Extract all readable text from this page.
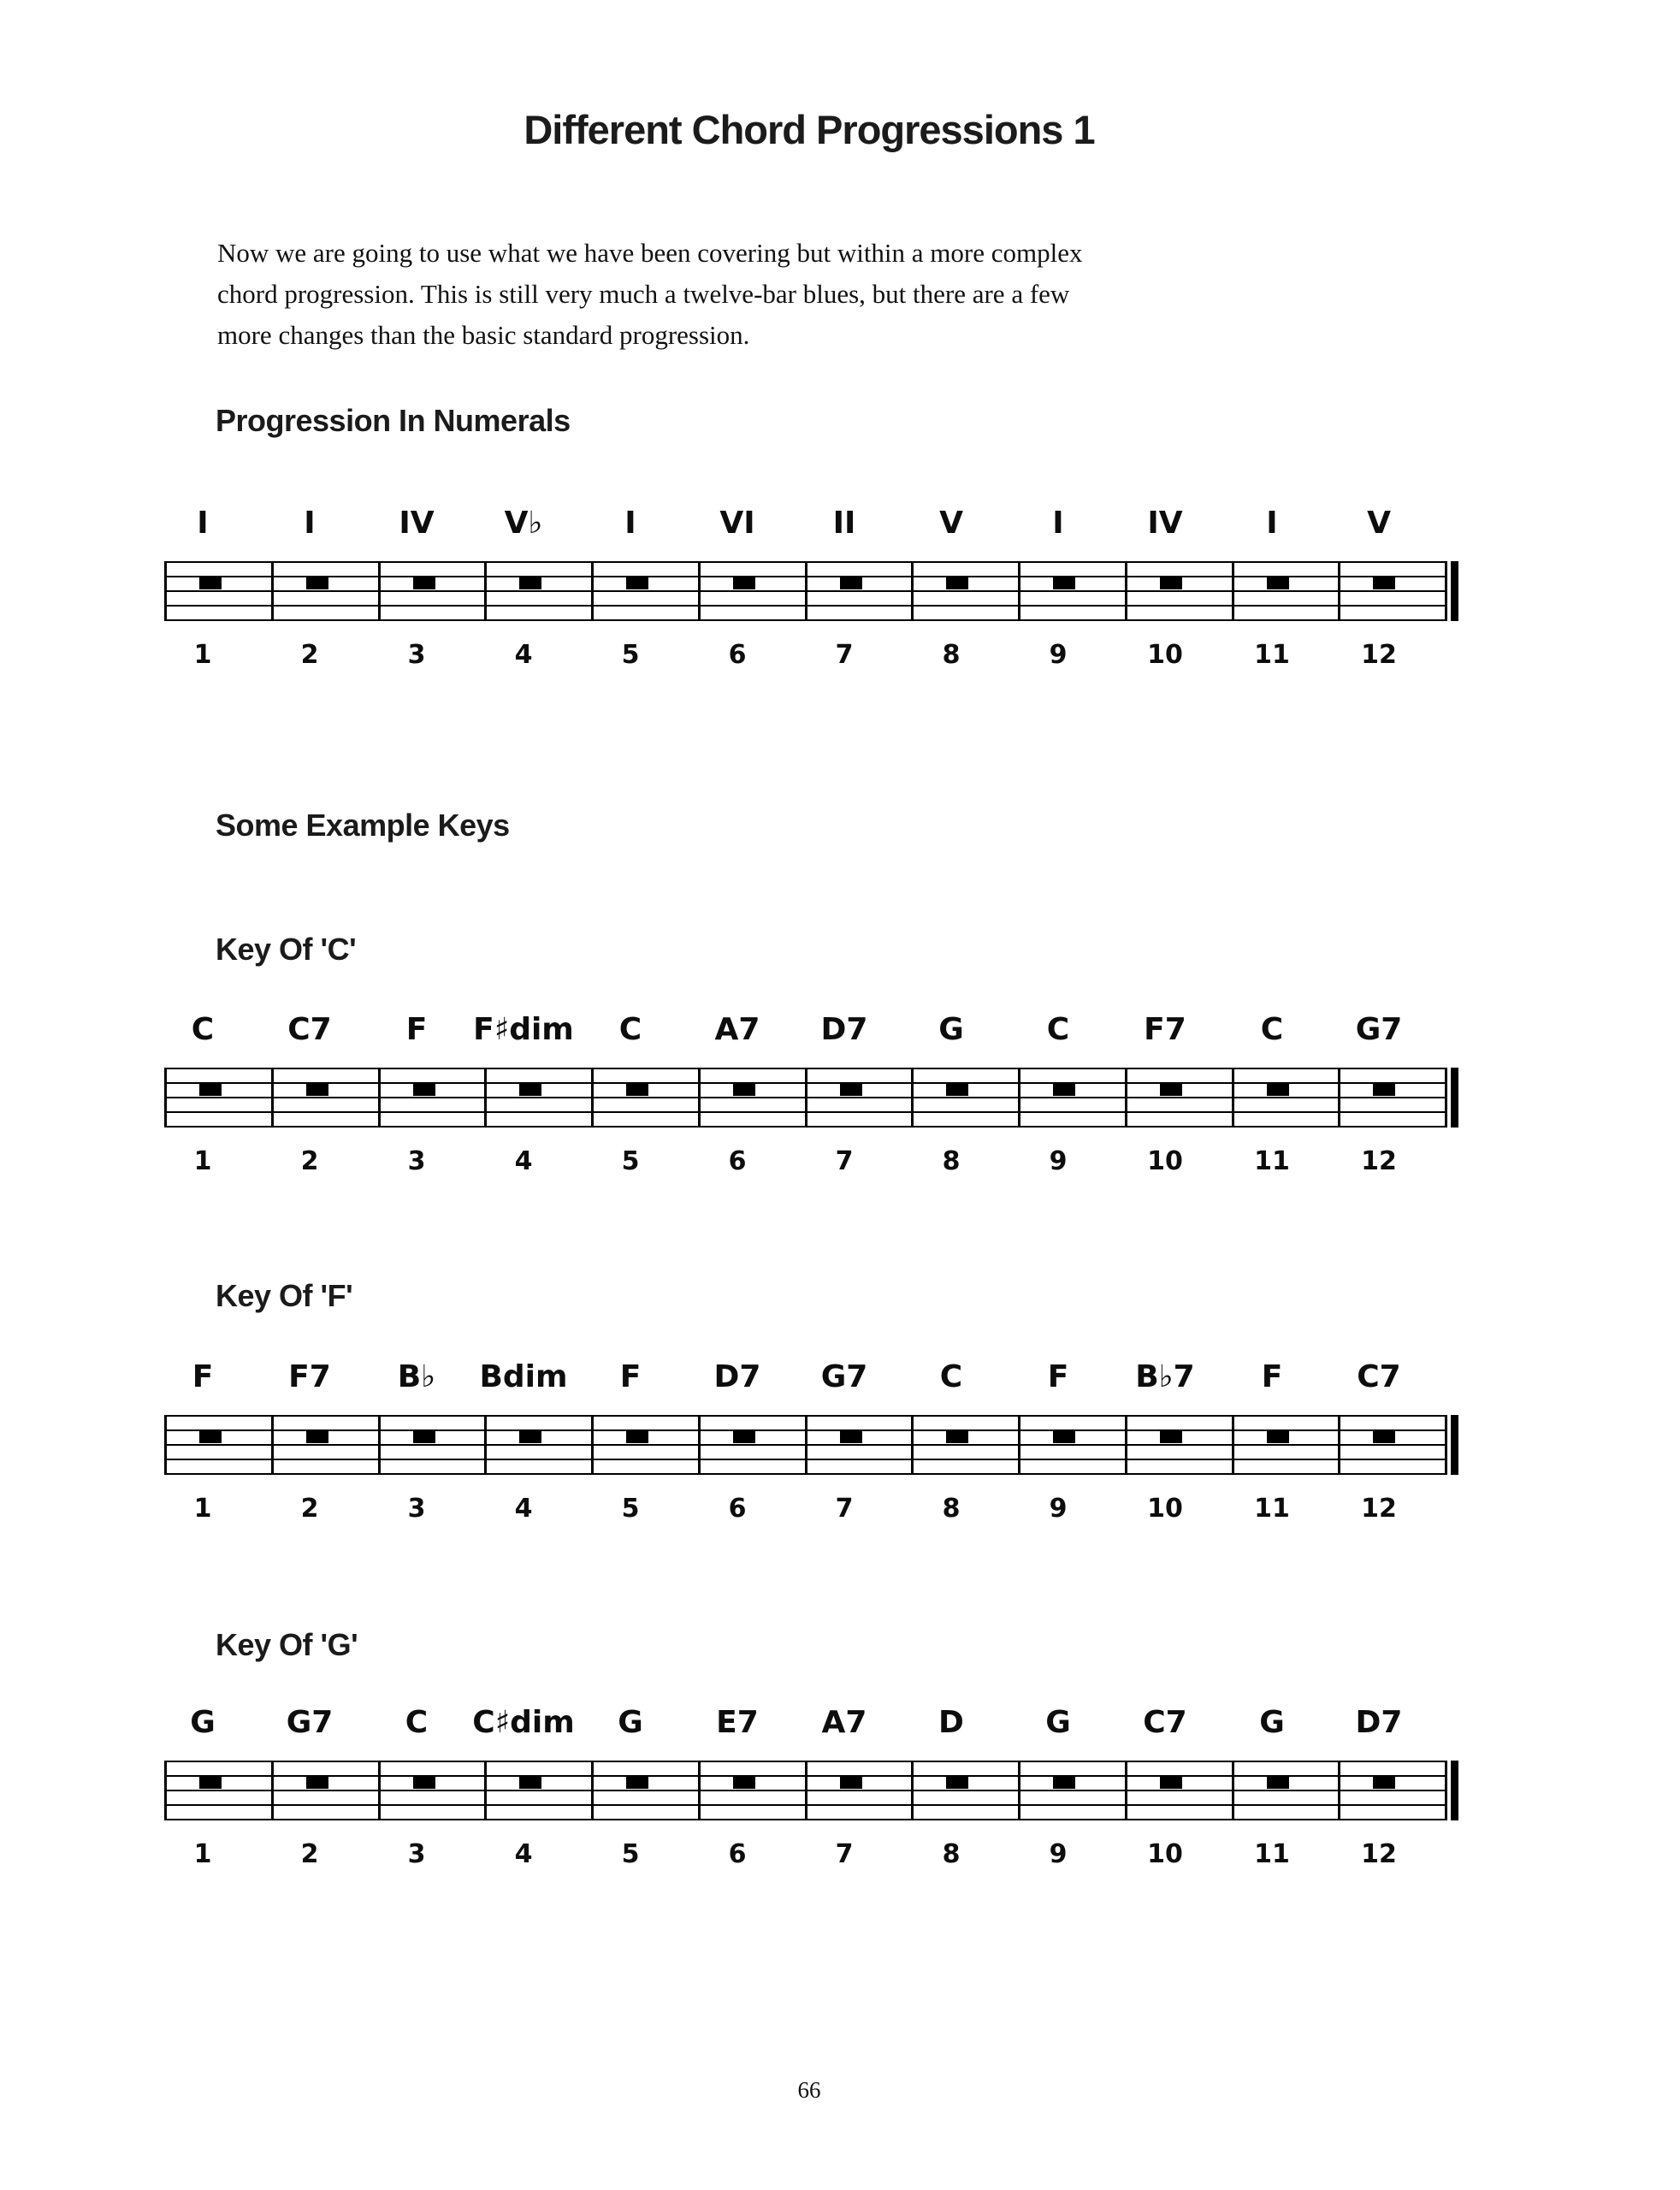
Different Chord Progressions 1
Now we are going to use what we have been covering but within a more complex
chord progression. This is still very much a twelve-bar blues, but there are a few
more changes than the basic standard progression.
Progression In Numerals
I	I	IV V♭	I	VI	II	V	I	IV	I	V
1	2	3	4	5	6	7	8	9	10	11	12
Some Example Keys
Key Of 'C'
C C7 F F♯dim C A7 D7 G	C F7 C G7
1	2	3	4	5	6	7	8	9	10	11	12
Key Of 'F'
F F7 B♭ Bdim F D7 G7 C	F B♭7 F C7
1	2	3	4	5	6	7	8	9	10	11	12
Key Of 'G'
G G7 C C♯dim G E7 A7 D	G C7 G D7
1	2	3	4	5	6	7	8	9	10	11	12
66
